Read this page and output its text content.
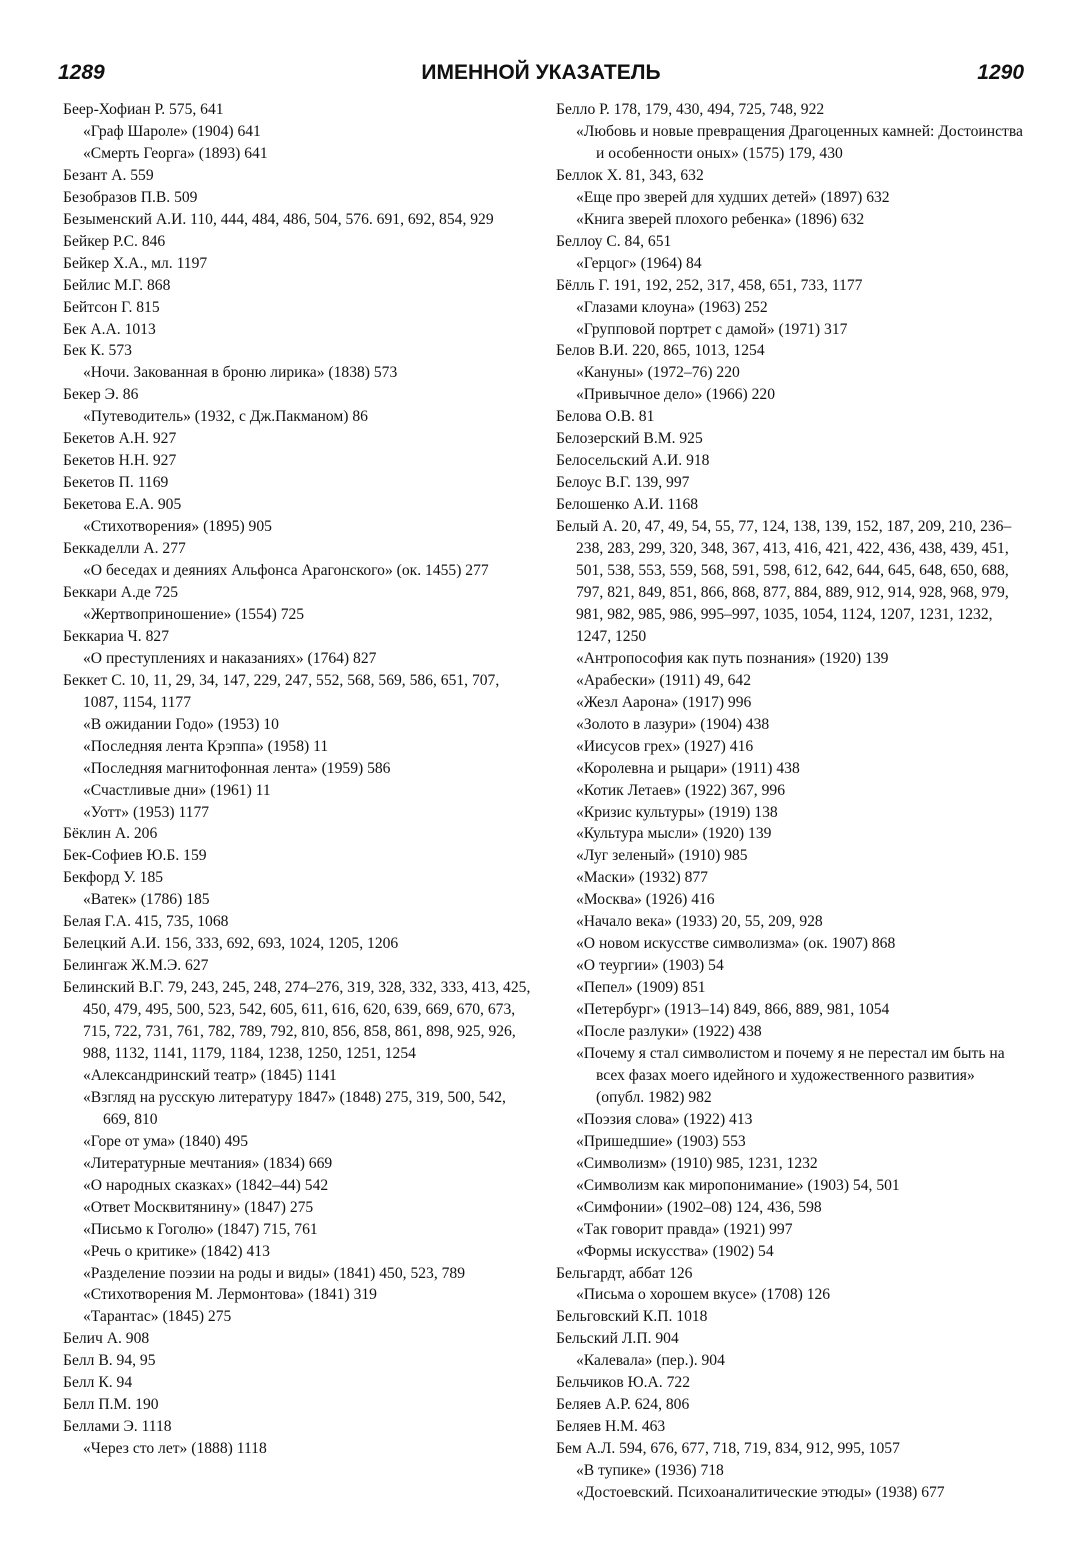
1289	ИМЕННОЙ УКАЗАТЕЛЬ	1290

Беер-Хофиан Р. 575, 641

«Граф Шароле» (1904) 641

«Смерть Георга» (1893) 641

Безант А. 559

Безобразов П.В. 509

Безыменский А.И. 110, 444, 484, 486, 504, 576. 691, 692, 854, 929

Бейкер Р.С. 846

Бейкер Х.А., мл. 1197

Бейлис М.Г. 868

Бейтсон Г. 815

Бек А.А. 1013

Бек К. 573

«Ночи. Закованная в броню лирика» (1838) 573

Бекер Э. 86

«Путеводитель» (1932, с Дж.Пакманом) 86

Бекетов А.Н. 927

Бекетов Н.Н. 927

Бекетов П. 1169

Бекетова Е.А. 905

«Стихотворения» (1895) 905

Беккаделли А. 277

«О беседах и деяниях Альфонса Арагонского» (ок. 1455) 277

Беккари А.де 725

«Жертвоприношение» (1554) 725

Беккариа Ч. 827

«О преступлениях и наказаниях» (1764) 827

Беккет С. 10, 11, 29, 34, 147, 229, 247, 552, 568, 569, 586, 651, 707, 1087, 1154, 1177

«В ожидании Годо» (1953) 10

«Последняя лента Крэппа» (1958) 11

«Последняя магнитофонная лента» (1959) 586

«Счастливые дни» (1961) 11

«Уотт» (1953) 1177

Бёклин А. 206

Бек-Софиев Ю.Б. 159

Бекфорд У. 185

«Ватек» (1786) 185

Белая Г.А. 415, 735, 1068

Белецкий А.И. 156, 333, 692, 693, 1024, 1205, 1206

Белингаж Ж.М.Э. 627

Белинский В.Г. 79, 243, 245, 248, 274–276, 319, 328, 332, 333, 413, 425, 450, 479, 495, 500, 523, 542, 605, 611, 616, 620, 639, 669, 670, 673, 715, 722, 731, 761, 782, 789, 792, 810, 856, 858, 861, 898, 925, 926, 988, 1132, 1141, 1179, 1184, 1238, 1250, 1251, 1254

«Александринский театр» (1845) 1141

«Взгляд на русскую литературу 1847» (1848) 275, 319, 500, 542, 669, 810

«Горе от ума» (1840) 495

«Литературные мечтания» (1834) 669

«О народных сказках» (1842–44) 542

«Ответ Москвитянину» (1847) 275

«Письмо к Гоголю» (1847) 715, 761

«Речь о критике» (1842) 413

«Разделение поэзии на роды и виды» (1841) 450, 523, 789

«Стихотворения М. Лермонтова» (1841) 319

«Тарантас» (1845) 275

Белич А. 908

Белл В. 94, 95

Белл К. 94

Белл П.М. 190

Беллами Э. 1118

«Через сто лет» (1888) 1118

Белло Р. 178, 179, 430, 494, 725, 748, 922

«Любовь и новые превращения Драгоценных камней: Достоинства и особенности оных» (1575) 179, 430

Беллок Х. 81, 343, 632

«Еще про зверей для худших детей» (1897) 632

«Книга зверей плохого ребенка» (1896) 632

Беллоу С. 84, 651

«Герцог» (1964) 84

Бёлль Г. 191, 192, 252, 317, 458, 651, 733, 1177

«Глазами клоуна» (1963) 252

«Групповой портрет с дамой» (1971) 317

Белов В.И. 220, 865, 1013, 1254

«Кануны» (1972–76) 220

«Привычное дело» (1966) 220

Белова О.В. 81

Белозерский В.М. 925

Белосельский А.И. 918

Белоус В.Г. 139, 997

Белошенко А.И. 1168

Белый А. 20, 47, 49, 54, 55, 77, 124, 138, 139, 152, 187, 209, 210, 236–238, 283, 299, 320, 348, 367, 413, 416, 421, 422, 436, 438, 439, 451, 501, 538, 553, 559, 568, 591, 598, 612, 642, 644, 645, 648, 650, 688, 797, 821, 849, 851, 866, 868, 877, 884, 889, 912, 914, 928, 968, 979, 981, 982, 985, 986, 995–997, 1035, 1054, 1124, 1207, 1231, 1232, 1247, 1250

«Антропософия как путь познания» (1920) 139

«Арабески» (1911) 49, 642

«Жезл Аарона» (1917) 996

«Золото в лазури» (1904) 438

«Иисусов грех» (1927) 416

«Королевна и рыцари» (1911) 438

«Котик Летаев» (1922) 367, 996

«Кризис культуры» (1919) 138

«Культура мысли» (1920) 139

«Луг зеленый» (1910) 985

«Маски» (1932) 877

«Москва» (1926) 416

«Начало века» (1933) 20, 55, 209, 928

«О новом искусстве символизма» (ок. 1907) 868

«О теургии» (1903) 54

«Пепел» (1909) 851

«Петербург» (1913–14) 849, 866, 889, 981, 1054

«После разлуки» (1922) 438

«Почему я стал символистом и почему я не перестал им быть на всех фазах моего идейного и художественного развития» (опубл. 1982) 982

«Поэзия слова» (1922) 413

«Пришедшие» (1903) 553

«Символизм» (1910) 985, 1231, 1232

«Символизм как миропонимание» (1903) 54, 501

«Симфонии» (1902–08) 124, 436, 598

«Так говорит правда» (1921) 997

«Формы искусства» (1902) 54

Бельгардт, аббат 126

«Письма о хорошем вкусе» (1708) 126

Бельговский К.П. 1018

Бельский Л.П. 904

«Калевала» (пер.). 904

Бельчиков Ю.А. 722

Беляев А.Р. 624, 806

Беляев Н.М. 463

Бем А.Л. 594, 676, 677, 718, 719, 834, 912, 995, 1057

«В тупике» (1936) 718

«Достоевский. Психоаналитические этюды» (1938) 677
